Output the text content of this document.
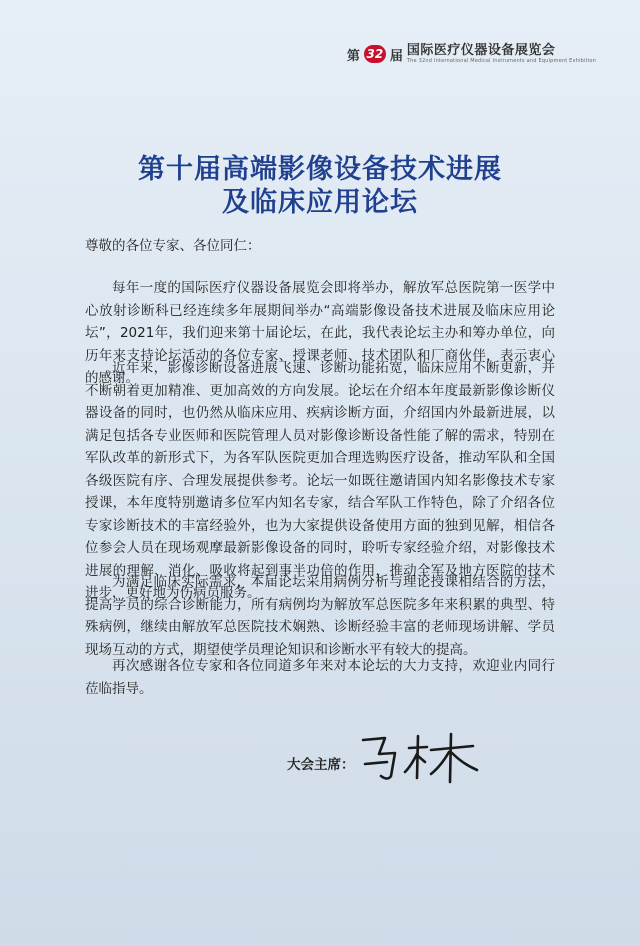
第 32 届 国际医疗仪器设备展览会
The 32nd International Medical Instruments and Equipment Exhibition
第十届高端影像设备技术进展
及临床应用论坛
尊敬的各位专家、各位同仁：

每年一度的国际医疗仪器设备展览会即将举办，解放军总医院第一医学中心放射诊断科已经连续多年展期间举办“高端影像设备技术进展及临床应用论坛”，2021年，我们迎来第十届论坛，在此，我代表论坛主办和筹办单位，向历年来支持论坛活动的各位专家、授课老师、技术团队和厂商伙伴，表示衷心的感谢。

近年来，影像诊断设备进展飞速、诊断功能拓宽，临床应用不断更新，并不断朝着更加精准、更加高效的方向发展。论坛在介绍本年度最新影像诊断仪器设备的同时，也仍然从临床应用、疾病诊断方面，介绍国内外最新进展，以满足包括各专业医师和医院管理人员对影像诊断设备性能了解的需求，特别在军队改革的新形式下，为各军队医院更加合理选购医疗设备，推动军队和全国各级医院有序、合理发展提供参考。论坛一如既往邀请国内知名影像技术专家授课，本年度特别邀请多位军内知名专家，结合军队工作特色，除了介绍各位专家诊断技术的丰富经验外，也为大家提供设备使用方面的独到见解，相信各位参会人员在现场观摩最新影像设备的同时，聆听专家经验介绍，对影像技术进展的理解、消化、吸收将起到事半功倍的作用，推动全军及地方医院的技术进步，更好地为伤病员服务。

为满足临床实际需求，本届论坛采用病例分析与理论授课相结合的方法，提高学员的综合诊断能力，所有病例均为解放军总医院多年来积累的典型、特殊病例，继续由解放军总医院技术娴熟、诊断经验丰富的老师现场讲解、学员现场互动的方式，期望使学员理论知识和诊断水平有较大的提高。

再次感谢各位专家和各位同道多年来对本论坛的大力支持，欢迎业内同行莅临指导。

大会主席：
